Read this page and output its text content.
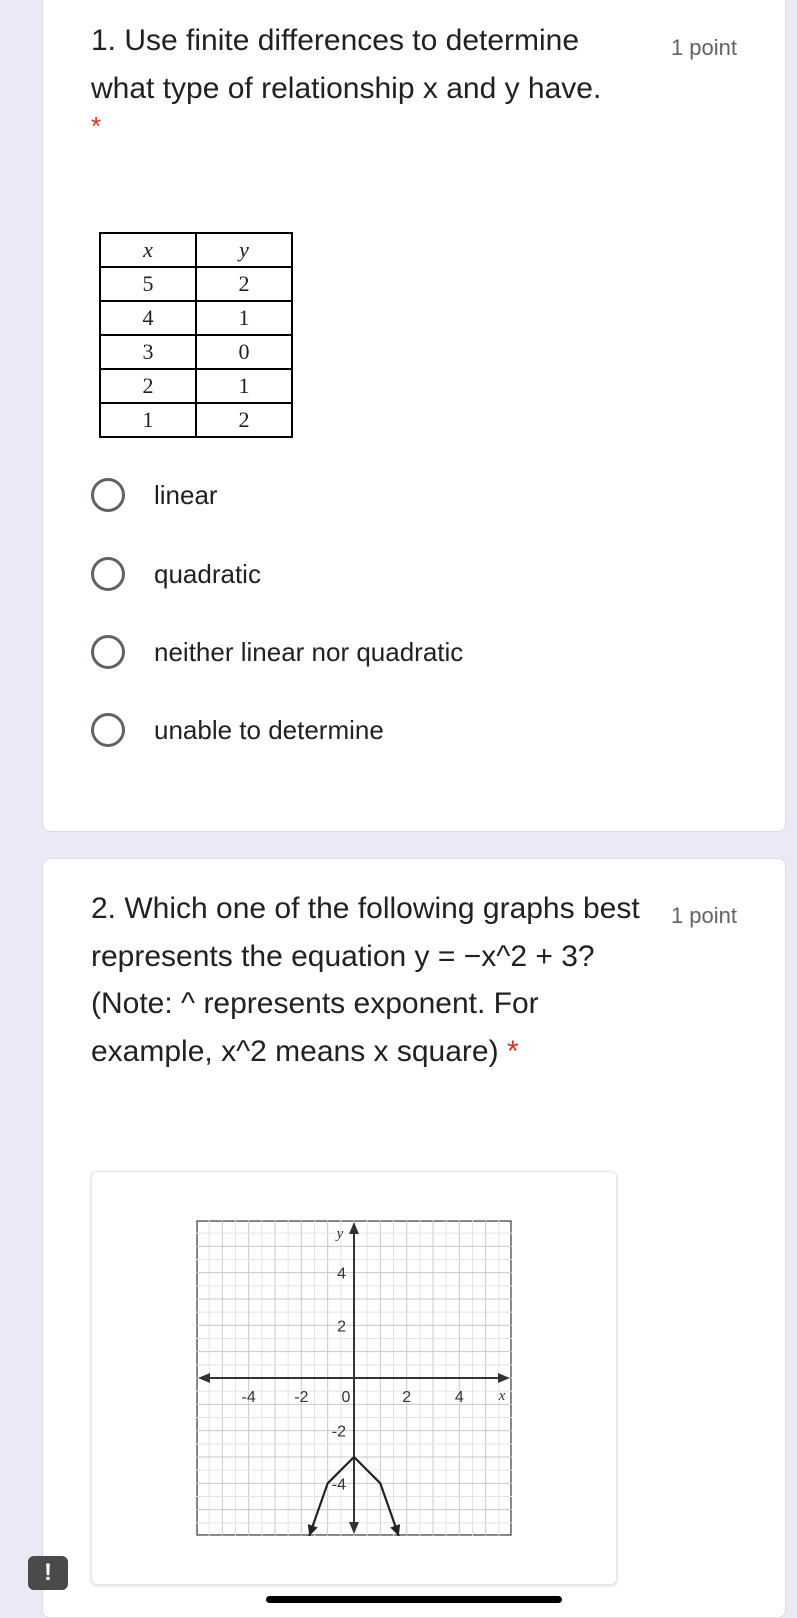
1. Use finite differences to determine what type of relationship x and y have.
1 point
*
x	y
5	2
4	1
3	0
2	1
1	2
linear
quadratic
neither linear nor quadratic
unable to determine
2. Which one of the following graphs best represents the equation y = −x^2 + 3? (Note: ^ represents exponent. For example, x^2 means x square) *
1 point
-4 -2 0	2	4
4
2
-2
-4
x
y
!
